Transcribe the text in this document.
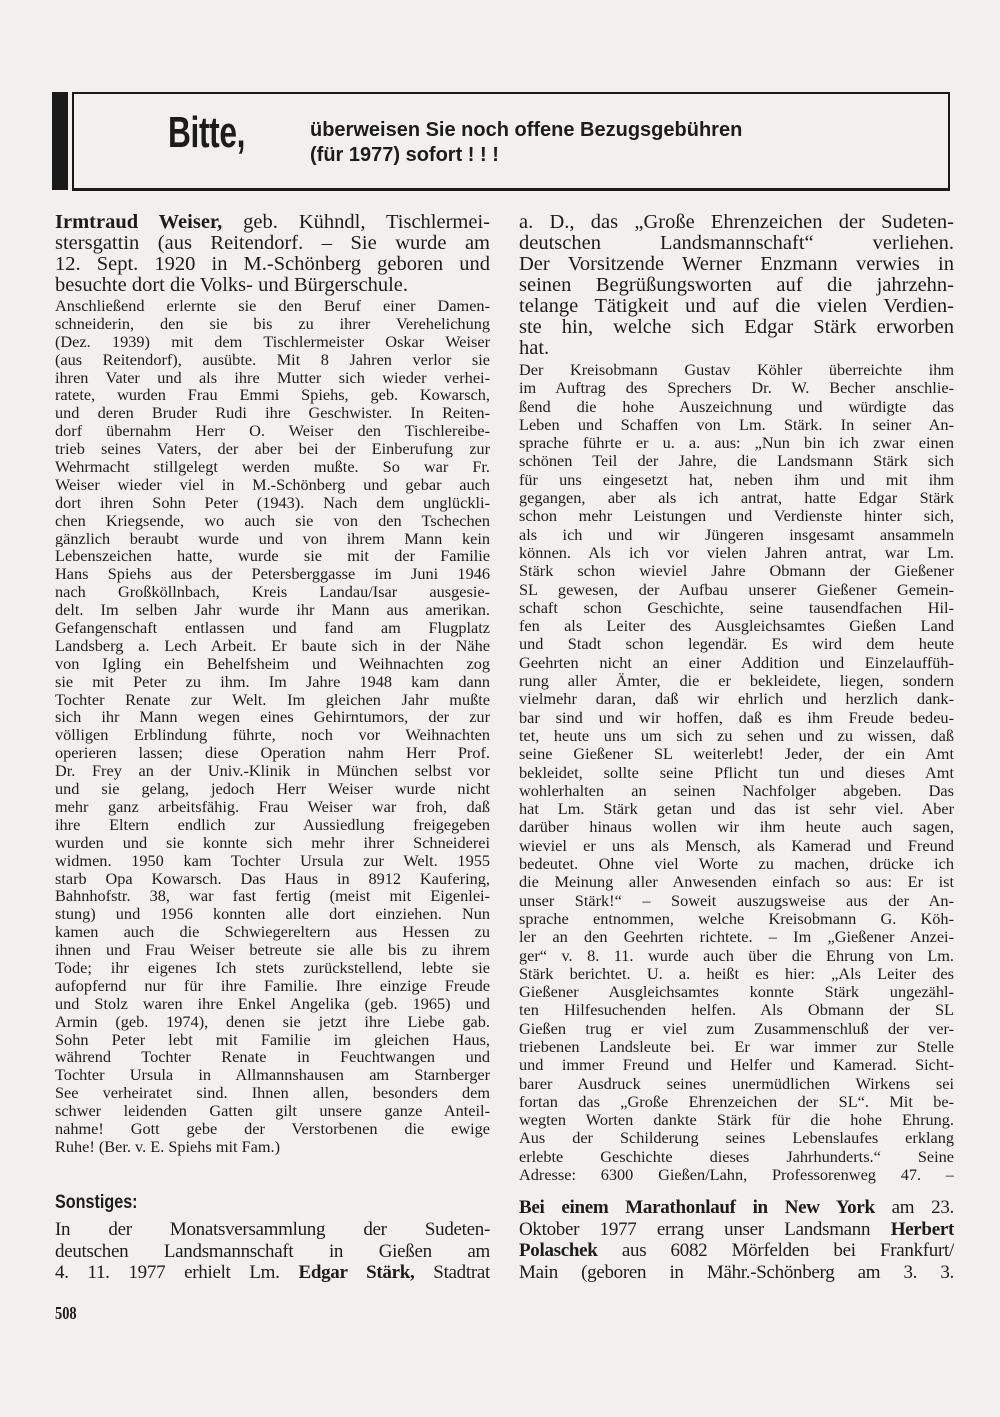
Bitte,	überweisen Sie noch offene Bezugsgebühren
(für 1977) sofort ! ! !
Irmtraud Weiser, geb. Kühndl, Tischlermei-
stersgattin (aus Reitendorf. – Sie wurde am
12. Sept. 1920 in M.-Schönberg geboren und
besuchte dort die Volks- und Bürgerschule.
Anschließend erlernte sie den Beruf einer Damen-
schneiderin, den sie bis zu ihrer Verehelichung
(Dez. 1939) mit dem Tischlermeister Oskar Weiser
(aus Reitendorf), ausübte. Mit 8 Jahren verlor sie
ihren Vater und als ihre Mutter sich wieder verhei-
ratete, wurden Frau Emmi Spiehs, geb. Kowarsch,
und deren Bruder Rudi ihre Geschwister. In Reiten-
dorf übernahm Herr O. Weiser den Tischlereibe-
trieb seines Vaters, der aber bei der Einberufung zur
Wehrmacht stillgelegt werden mußte. So war Fr.
Weiser wieder viel in M.-Schönberg und gebar auch
dort ihren Sohn Peter (1943). Nach dem unglückli-
chen Kriegsende, wo auch sie von den Tschechen
gänzlich beraubt wurde und von ihrem Mann kein
Lebenszeichen hatte, wurde sie mit der Familie
Hans Spiehs aus der Petersberggasse im Juni 1946
nach Großköllnbach, Kreis Landau/Isar ausgesie-
delt. Im selben Jahr wurde ihr Mann aus amerikan.
Gefangenschaft entlassen und fand am Flugplatz
Landsberg a. Lech Arbeit. Er baute sich in der Nähe
von Igling ein Behelfsheim und Weihnachten zog
sie mit Peter zu ihm. Im Jahre 1948 kam dann
Tochter Renate zur Welt. Im gleichen Jahr mußte
sich ihr Mann wegen eines Gehirntumors, der zur
völligen Erblindung führte, noch vor Weihnachten
operieren lassen; diese Operation nahm Herr Prof.
Dr. Frey an der Univ.-Klinik in München selbst vor
und sie gelang, jedoch Herr Weiser wurde nicht
mehr ganz arbeitsfähig. Frau Weiser war froh, daß
ihre Eltern endlich zur Aussiedlung freigegeben
wurden und sie konnte sich mehr ihrer Schneiderei
widmen. 1950 kam Tochter Ursula zur Welt. 1955
starb Opa Kowarsch. Das Haus in 8912 Kaufering,
Bahnhofstr. 38, war fast fertig (meist mit Eigenlei-
stung) und 1956 konnten alle dort einziehen. Nun
kamen auch die Schwiegereltern aus Hessen zu
ihnen und Frau Weiser betreute sie alle bis zu ihrem
Tode; ihr eigenes Ich stets zurückstellend, lebte sie
aufopfernd nur für ihre Familie. Ihre einzige Freude
und Stolz waren ihre Enkel Angelika (geb. 1965) und
Armin (geb. 1974), denen sie jetzt ihre Liebe gab.
Sohn Peter lebt mit Familie im gleichen Haus,
während Tochter Renate in Feuchtwangen und
Tochter Ursula in Allmannshausen am Starnberger
See verheiratet sind. Ihnen allen, besonders dem
schwer leidenden Gatten gilt unsere ganze Anteil-
nahme! Gott gebe der Verstorbenen die ewige
Ruhe! (Ber. v. E. Spiehs mit Fam.)
Sonstiges:
In der Monatsversammlung der Sudeten-
deutschen Landsmannschaft in Gießen am
4. 11. 1977 erhielt Lm. Edgar Stärk, Stadtrat
a. D., das „Große Ehrenzeichen der Sudeten-
deutschen Landsmannschaft“ verliehen.
Der Vorsitzende Werner Enzmann verwies in
seinen Begrüßungsworten auf die jahrzehn-
telange Tätigkeit und auf die vielen Verdien-
ste hin, welche sich Edgar Stärk erworben
hat.
Der Kreisobmann Gustav Köhler überreichte ihm
im Auftrag des Sprechers Dr. W. Becher anschlie-
ßend die hohe Auszeichnung und würdigte das
Leben und Schaffen von Lm. Stärk. In seiner An-
sprache führte er u. a. aus: „Nun bin ich zwar einen
schönen Teil der Jahre, die Landsmann Stärk sich
für uns eingesetzt hat, neben ihm und mit ihm
gegangen, aber als ich antrat, hatte Edgar Stärk
schon mehr Leistungen und Verdienste hinter sich,
als ich und wir Jüngeren insgesamt ansammeln
können. Als ich vor vielen Jahren antrat, war Lm.
Stärk schon wieviel Jahre Obmann der Gießener
SL gewesen, der Aufbau unserer Gießener Gemein-
schaft schon Geschichte, seine tausendfachen Hil-
fen als Leiter des Ausgleichsamtes Gießen Land
und Stadt schon legendär. Es wird dem heute
Geehrten nicht an einer Addition und Einzelauffüh-
rung aller Ämter, die er bekleidete, liegen, sondern
vielmehr daran, daß wir ehrlich und herzlich dank-
bar sind und wir hoffen, daß es ihm Freude bedeu-
tet, heute uns um sich zu sehen und zu wissen, daß
seine Gießener SL weiterlebt! Jeder, der ein Amt
bekleidet, sollte seine Pflicht tun und dieses Amt
wohlerhalten an seinen Nachfolger abgeben. Das
hat Lm. Stärk getan und das ist sehr viel. Aber
darüber hinaus wollen wir ihm heute auch sagen,
wieviel er uns als Mensch, als Kamerad und Freund
bedeutet. Ohne viel Worte zu machen, drücke ich
die Meinung aller Anwesenden einfach so aus: Er ist
unser Stärk!“ – Soweit auszugsweise aus der An-
sprache entnommen, welche Kreisobmann G. Köh-
ler an den Geehrten richtete. – Im „Gießener Anzei-
ger“ v. 8. 11. wurde auch über die Ehrung von Lm.
Stärk berichtet. U. a. heißt es hier: „Als Leiter des
Gießener Ausgleichsamtes konnte Stärk ungezähl-
ten Hilfesuchenden helfen. Als Obmann der SL
Gießen trug er viel zum Zusammenschluß der ver-
triebenen Landsleute bei. Er war immer zur Stelle
und immer Freund und Helfer und Kamerad. Sicht-
barer Ausdruck seines unermüdlichen Wirkens sei
fortan das „Große Ehrenzeichen der SL“. Mit be-
wegten Worten dankte Stärk für die hohe Ehrung.
Aus der Schilderung seines Lebenslaufes erklang
erlebte Geschichte dieses Jahrhunderts.“ Seine
Adresse: 6300 Gießen/Lahn, Professorenweg 47. –
Bei einem Marathonlauf in New York am 23.
Oktober 1977 errang unser Landsmann Herbert
Polaschek aus 6082 Mörfelden bei Frankfurt/
Main (geboren in Mähr.-Schönberg am 3. 3.
508
